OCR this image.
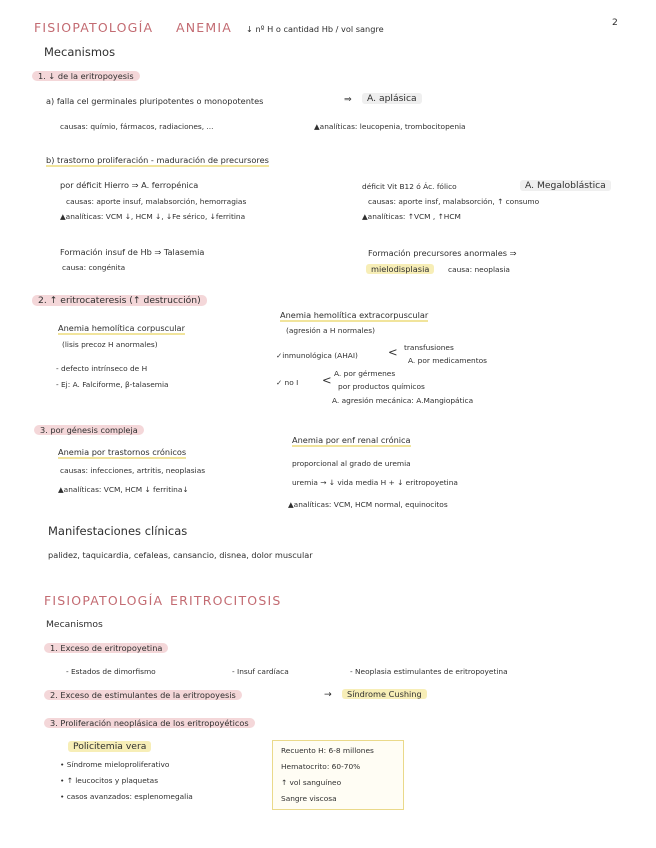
2
FISIOPATOLOGÍA ANEMIA ↓ nº H o cantidad Hb / vol sangre
Mecanismos
1. ↓ de la eritropoyesis
a) falla cel germinales pluripotentes o monopotentes	⇒	A. aplásica
causas: químio, fármacos, radiaciones, ...	▲analíticas: leucopenia, trombocitopenia
b) trastorno proliferación - maduración de precursores
por déficit Hierro ⇒ A. ferropénica
causas: aporte insuf, malabsorción, hemorragias
▲analíticas: VCM ↓, HCM ↓, ↓Fe sérico, ↓ferritina
déficit Vit B12 ó Ác. fólico	A. Megaloblástica
causas: aporte insf, malabsorción, ↑ consumo
▲analíticas: ↑VCM , ↑HCM
Formación insuf de Hb ⇒ Talasemia
causa: congénita
Formación precursores anormales ⇒
mielodisplasia	causa: neoplasia
2. ↑ eritrocateresis (↑ destrucción)
Anemia hemolítica corpuscular
(lisis precoz H anormales)
- defecto intrínseco de H
- Ej: A. Falciforme, β-talasemia
Anemia hemolítica extracorpuscular
(agresión a H normales)
✓inmunológica (AHAI)	< transfusiones
A. por medicamentos
✓ no I < A. por gérmenes
por productos químicos
A. agresión mecánica: A.Mangiopática
3. por génesis compleja
Anemia por trastornos crónicos
causas: infecciones, artritis, neoplasias
▲analíticas: VCM, HCM ↓ ferritina↓
Anemia por enf renal crónica
proporcional al grado de uremia
uremia → ↓ vida media H + ↓ eritropoyetina
▲analíticas: VCM, HCM normal, equinocitos
Manifestaciones clínicas
palidez, taquicardia, cefaleas, cansancio, disnea, dolor muscular
FISIOPATOLOGÍA ERITROCITOSIS
Mecanismos
1. Exceso de eritropoyetina
- Estados de dimorfismo	- Insuf cardíaca	- Neoplasia estimulantes de eritropoyetina
2. Exceso de estimulantes de la eritropoyesis	→	Síndrome Cushing
3. Proliferación neoplásica de los eritropoyéticos
Policitemia vera
• Síndrome mieloproliferativo
• ↑ leucocitos y plaquetas
• casos avanzados: esplenomegalia
Recuento H: 6-8 millones
Hematocrito: 60-70%
↑ vol sanguíneo
Sangre viscosa
